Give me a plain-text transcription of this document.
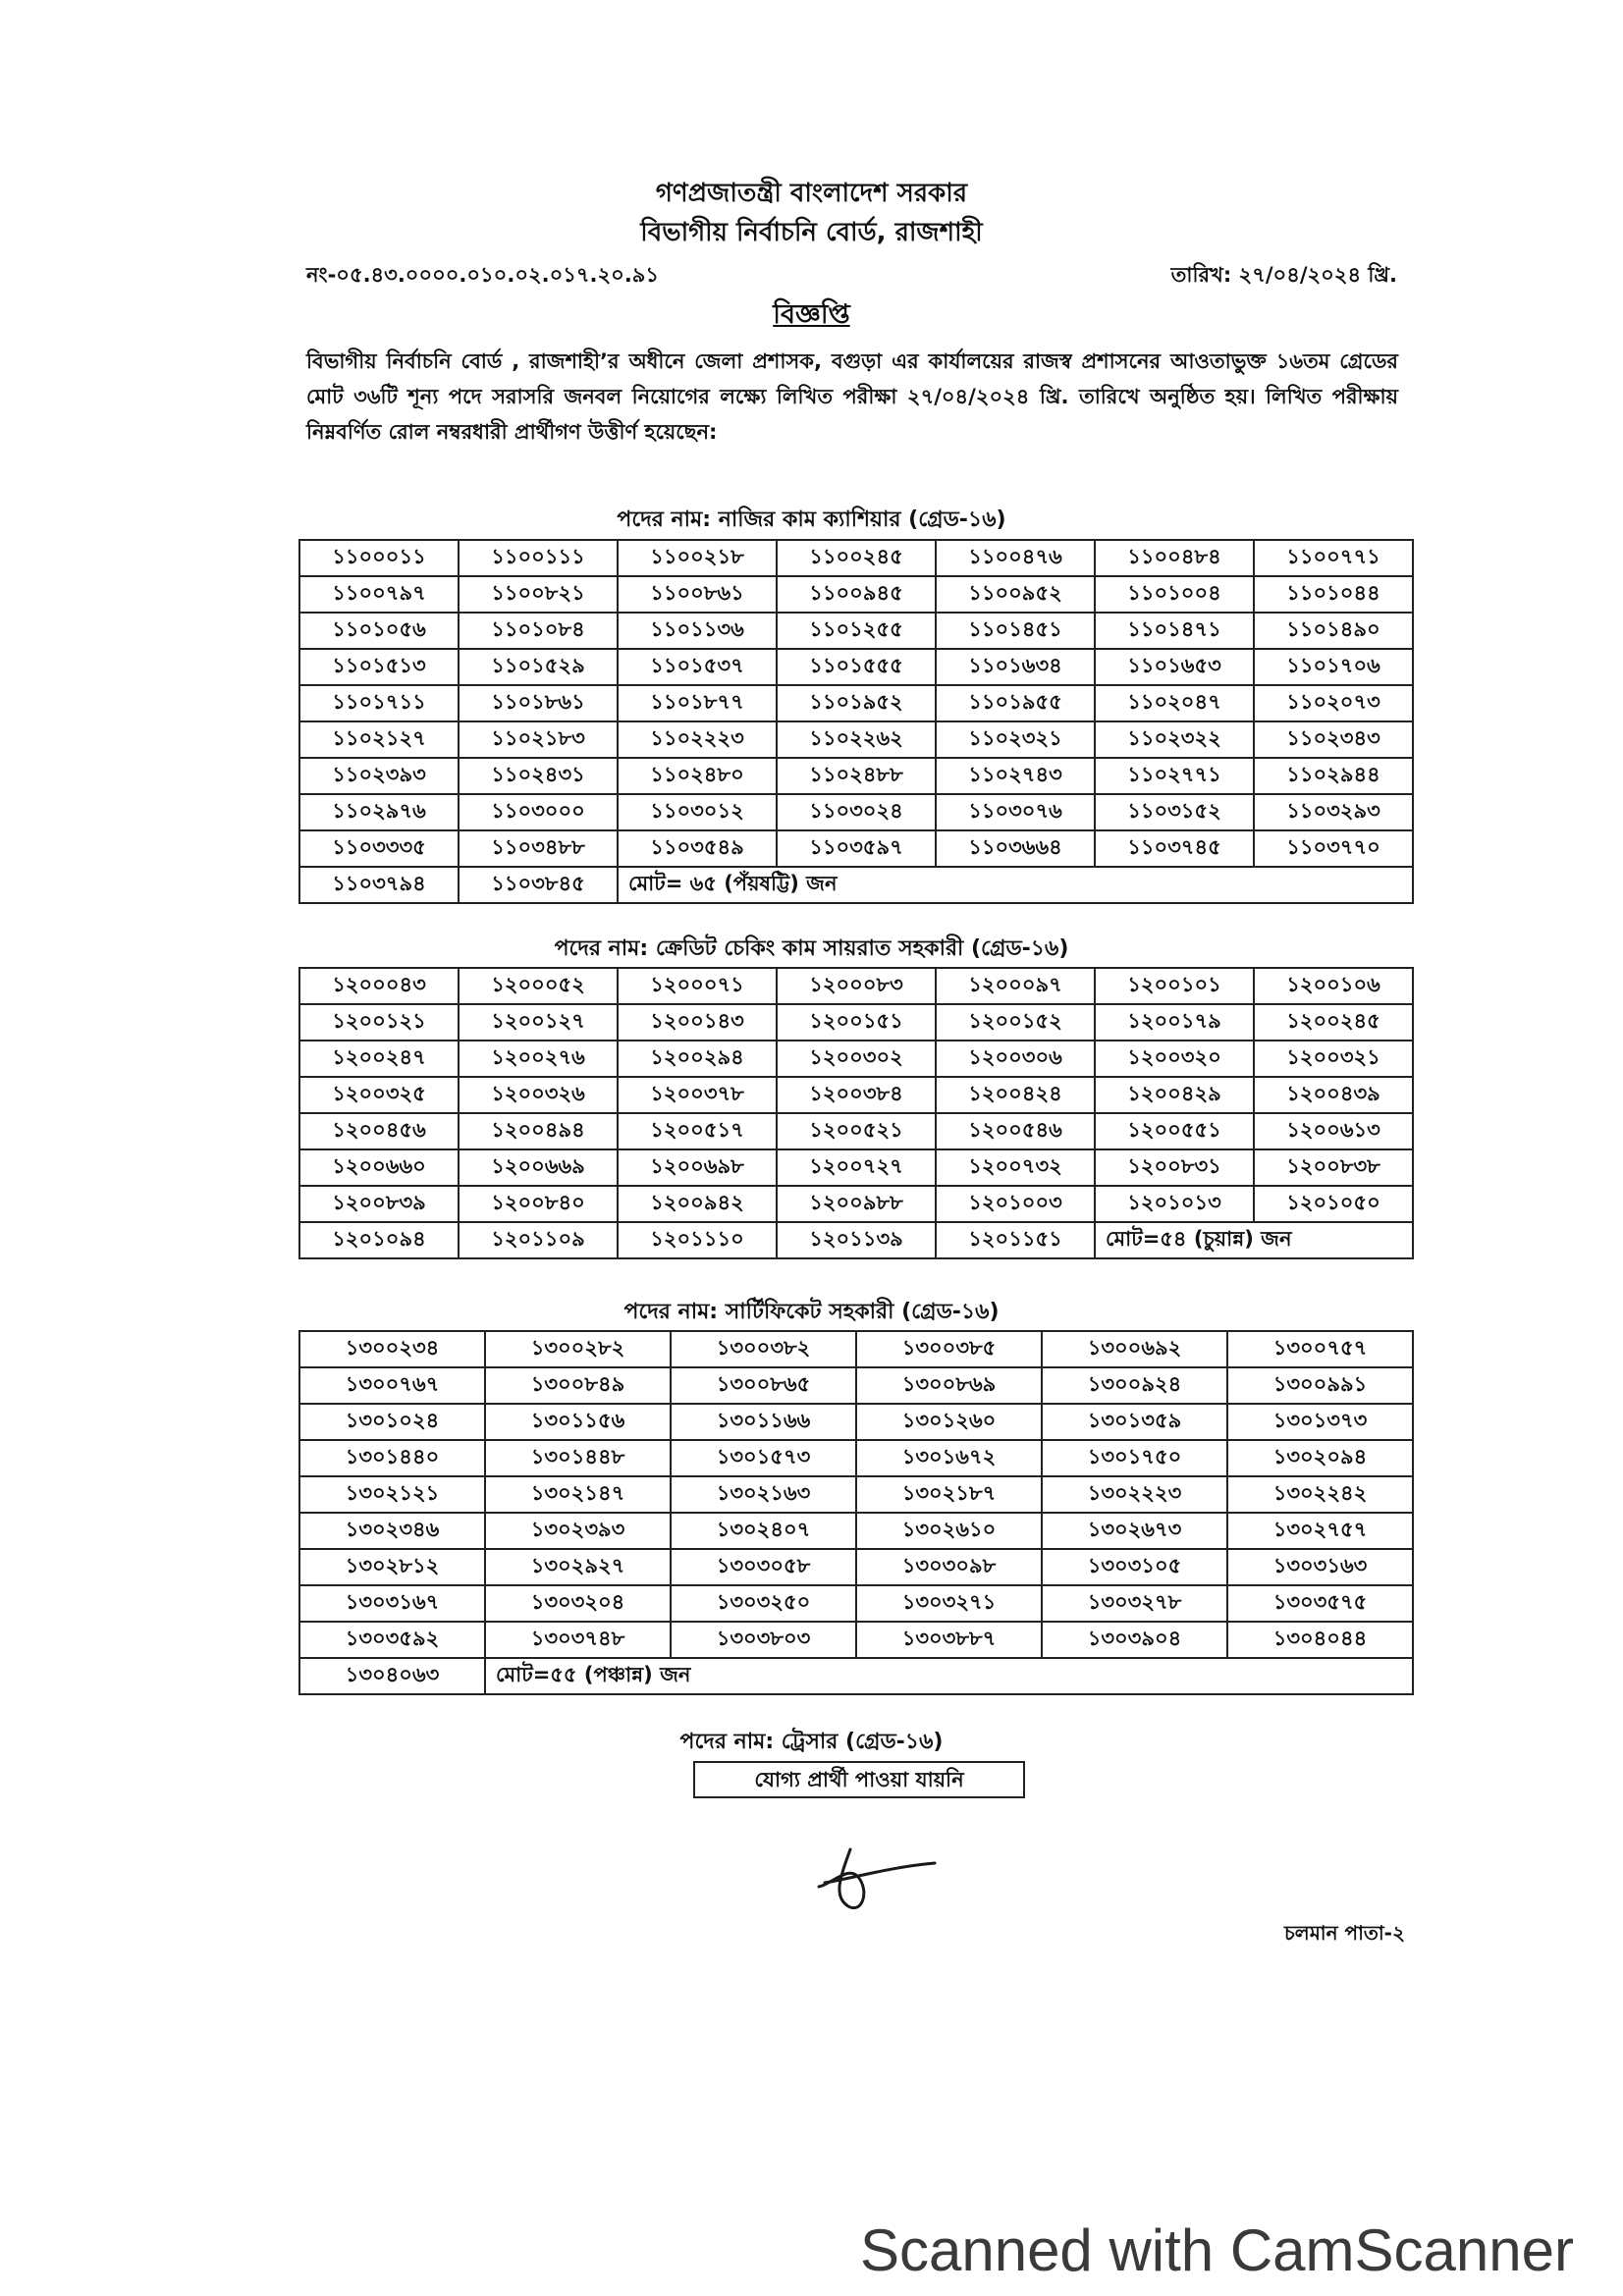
গণপ্রজাতন্ত্রী বাংলাদেশ সরকার
বিভাগীয় নির্বাচনি বোর্ড, রাজশাহী
নং-০৫.৪৩.০০০০.০১০.০২.০১৭.২০.৯১	তারিখ: ২৭/০৪/২০২৪ খ্রি.
বিজ্ঞপ্তি
বিভাগীয় নির্বাচনি বোর্ড , রাজশাহী’র অধীনে জেলা প্রশাসক, বগুড়া এর কার্যালয়ের রাজস্ব প্রশাসনের আওতাভুক্ত ১৬তম গ্রেডের মোট ৩৬টি শূন্য পদে সরাসরি জনবল নিয়োগের লক্ষ্যে লিখিত পরীক্ষা ২৭/০৪/২০২৪ খ্রি. তারিখে অনুষ্ঠিত হয়। লিখিত পরীক্ষায় নিম্নবর্ণিত রোল নম্বরধারী প্রার্থীগণ উত্তীর্ণ হয়েছেন:
পদের নাম: নাজির কাম ক্যাশিয়ার (গ্রেড-১৬)
১১০০০১১	১১০০১১১	১১০০২১৮	১১০০২৪৫	১১০০৪৭৬	১১০০৪৮৪	১১০০৭৭১
১১০০৭৯৭	১১০০৮২১	১১০০৮৬১	১১০০৯৪৫	১১০০৯৫২	১১০১০০৪	১১০১০৪৪
১১০১০৫৬	১১০১০৮৪	১১০১১৩৬	১১০১২৫৫	১১০১৪৫১	১১০১৪৭১	১১০১৪৯০
১১০১৫১৩	১১০১৫২৯	১১০১৫৩৭	১১০১৫৫৫	১১০১৬৩৪	১১০১৬৫৩	১১০১৭০৬
১১০১৭১১	১১০১৮৬১	১১০১৮৭৭	১১০১৯৫২	১১০১৯৫৫	১১০২০৪৭	১১০২০৭৩
১১০২১২৭	১১০২১৮৩	১১০২২২৩	১১০২২৬২	১১০২৩২১	১১০২৩২২	১১০২৩৪৩
১১০২৩৯৩	১১০২৪৩১	১১০২৪৮০	১১০২৪৮৮	১১০২৭৪৩	১১০২৭৭১	১১০২৯৪৪
১১০২৯৭৬	১১০৩০০০	১১০৩০১২	১১০৩০২৪	১১০৩০৭৬	১১০৩১৫২	১১০৩২৯৩
১১০৩৩৩৫	১১০৩৪৮৮	১১০৩৫৪৯	১১০৩৫৯৭	১১০৩৬৬৪	১১০৩৭৪৫	১১০৩৭৭০
১১০৩৭৯৪	১১০৩৮৪৫	মোট= ৬৫ (পঁয়ষট্টি) জন				
পদের নাম: ক্রেডিট চেকিং কাম সায়রাত সহকারী (গ্রেড-১৬)
১২০০০৪৩	১২০০০৫২	১২০০০৭১	১২০০০৮৩	১২০০০৯৭	১২০০১০১	১২০০১০৬
১২০০১২১	১২০০১২৭	১২০০১৪৩	১২০০১৫১	১২০০১৫২	১২০০১৭৯	১২০০২৪৫
১২০০২৪৭	১২০০২৭৬	১২০০২৯৪	১২০০৩০২	১২০০৩০৬	১২০০৩২০	১২০০৩২১
১২০০৩২৫	১২০০৩২৬	১২০০৩৭৮	১২০০৩৮৪	১২০০৪২৪	১২০০৪২৯	১২০০৪৩৯
১২০০৪৫৬	১২০০৪৯৪	১২০০৫১৭	১২০০৫২১	১২০০৫৪৬	১২০০৫৫১	১২০০৬১৩
১২০০৬৬০	১২০০৬৬৯	১২০০৬৯৮	১২০০৭২৭	১২০০৭৩২	১২০০৮৩১	১২০০৮৩৮
১২০০৮৩৯	১২০০৮৪০	১২০০৯৪২	১২০০৯৮৮	১২০১০০৩	১২০১০১৩	১২০১০৫০
১২০১০৯৪	১২০১১০৯	১২০১১১০	১২০১১৩৯	১২০১১৫১	মোট=৫৪ (চুয়ান্ন) জন	
পদের নাম: সার্টিফিকেট সহকারী (গ্রেড-১৬)
১৩০০২৩৪	১৩০০২৮২	১৩০০৩৮২	১৩০০৩৮৫	১৩০০৬৯২	১৩০০৭৫৭
১৩০০৭৬৭	১৩০০৮৪৯	১৩০০৮৬৫	১৩০০৮৬৯	১৩০০৯২৪	১৩০০৯৯১
১৩০১০২৪	১৩০১১৫৬	১৩০১১৬৬	১৩০১২৬০	১৩০১৩৫৯	১৩০১৩৭৩
১৩০১৪৪০	১৩০১৪৪৮	১৩০১৫৭৩	১৩০১৬৭২	১৩০১৭৫০	১৩০২০৯৪
১৩০২১২১	১৩০২১৪৭	১৩০২১৬৩	১৩০২১৮৭	১৩০২২২৩	১৩০২২৪২
১৩০২৩৪৬	১৩০২৩৯৩	১৩০২৪০৭	১৩০২৬১০	১৩০২৬৭৩	১৩০২৭৫৭
১৩০২৮১২	১৩০২৯২৭	১৩০৩০৫৮	১৩০৩০৯৮	১৩০৩১০৫	১৩০৩১৬৩
১৩০৩১৬৭	১৩০৩২০৪	১৩০৩২৫০	১৩০৩২৭১	১৩০৩২৭৮	১৩০৩৫৭৫
১৩০৩৫৯২	১৩০৩৭৪৮	১৩০৩৮০৩	১৩০৩৮৮৭	১৩০৩৯০৪	১৩০৪০৪৪
১৩০৪০৬৩	মোট=৫৫ (পঞ্চান্ন) জন				
পদের নাম: ট্রেসার (গ্রেড-১৬)
যোগ্য প্রার্থী পাওয়া যায়নি
চলমান পাতা-২
Scanned with CamScanner
